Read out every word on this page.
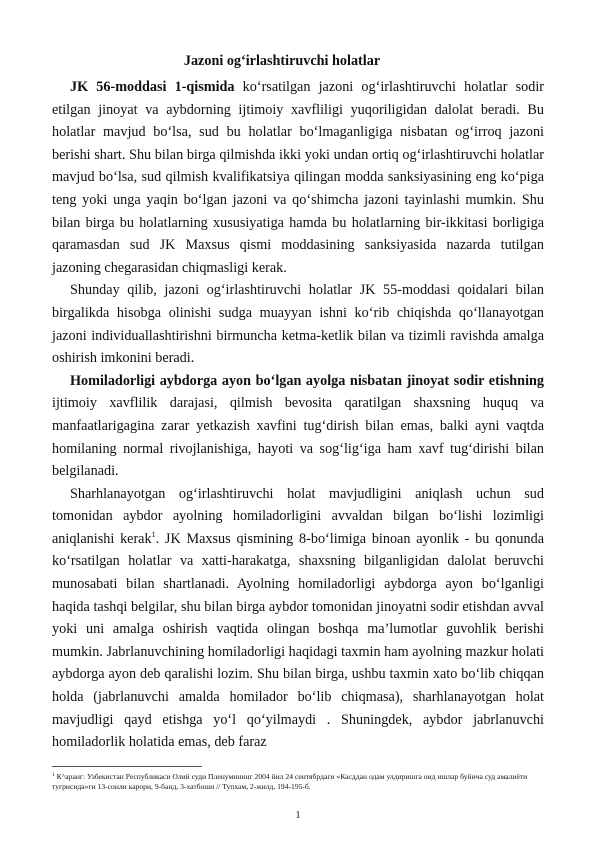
Jazoni og‘irlashtiruvchi holatlar

JK 56-moddasi 1-qismida ko‘rsatilgan jazoni og‘irlashtiruvchi holatlar sodir etilgan jinoyat va aybdorning ijtimoiy xavfliligi yuqoriligidan dalolat beradi. Bu holatlar mavjud bo‘lsa, sud bu holatlar bo‘lmaganligiga nisbatan og‘irroq jazoni berishi shart. Shu bilan birga qilmishda ikki yoki undan ortiq og‘irlashtiruvchi holatlar mavjud bo‘lsa, sud qilmish kvalifikatsiya qilingan modda sanksiyasining eng ko‘piga teng yoki unga yaqin bo‘lgan jazoni va qo‘shimcha jazoni tayinlashi mumkin. Shu bilan birga bu holatlarning xususiyatiga hamda bu holatlarning bir-ikkitasi borligiga qaramasdan sud JK Maxsus qismi moddasining sanksiyasida nazarda tutilgan jazoning chegarasidan chiqmasligi kerak.

Shunday qilib, jazoni og‘irlashtiruvchi holatlar JK 55-moddasi qoidalari bilan birgalikda hisobga olinishi sudga muayyan ishni ko‘rib chiqishda qo‘llanayotgan jazoni individuallashtirishni birmuncha ketma-ketlik bilan va tizimli ravishda amalga oshirish imkonini beradi.

Homiladorligi aybdorga ayon bo‘lgan ayolga nisbatan jinoyat sodir etishning ijtimoiy xavflilik darajasi, qilmish bevosita qaratilgan shaxsning huquq va manfaatlarigagina zarar yetkazish xavfini tug‘dirish bilan emas, balki ayni vaqtda homilaning normal rivojlanishiga, hayoti va sog‘lig‘iga ham xavf tug‘dirishi bilan belgilanadi.

Sharhlanayotgan og‘irlashtiruvchi holat mavjudligini aniqlash uchun sud tomonidan aybdor ayolning homiladorligini avvaldan bilgan bo‘lishi lozimligi aniqlanishi kerak$^1$. JK Maxsus qismining 8-bo‘limiga binoan ayonlik - bu qonunda ko‘rsatilgan holatlar va xatti-harakatga, shaxsning bilganligidan dalolat beruvchi munosabati bilan shartlanadi. Ayolning homiladorligi aybdorga ayon bo‘lganligi haqida tashqi belgilar, shu bilan birga aybdor tomonidan jinoyatni sodir etishdan avval yoki uni amalga oshirish vaqtida olingan boshqa ma’lumotlar guvohlik berishi mumkin. Jabrlanuvchining homiladorligi haqidagi taxmin ham ayolning mazkur holati aybdorga ayon deb qaralishi lozim. Shu bilan birga, ushbu taxmin xato bo‘lib chiqqan holda (jabrlanuvchi amalda homilador bo‘lib chiqmasa), sharhlanayotgan holat mavjudligi qayd etishga yo‘l qo‘yilmaydi . Shuningdek, aybdor jabrlanuvchi homiladorlik holatida emas, deb faraz

$^1$ К^аранг: Узбекистан Республикаси Олий суди Пленумининг 2004 йил 24 сентябрдаги «Касддан одам улдиришга оид ишлар буйича суд амалиёти тугрисида»ги 13-сонли карори, 9-банд, 3-хатбоши // Тупхам, 2-жилд, 194-195-б.
1
